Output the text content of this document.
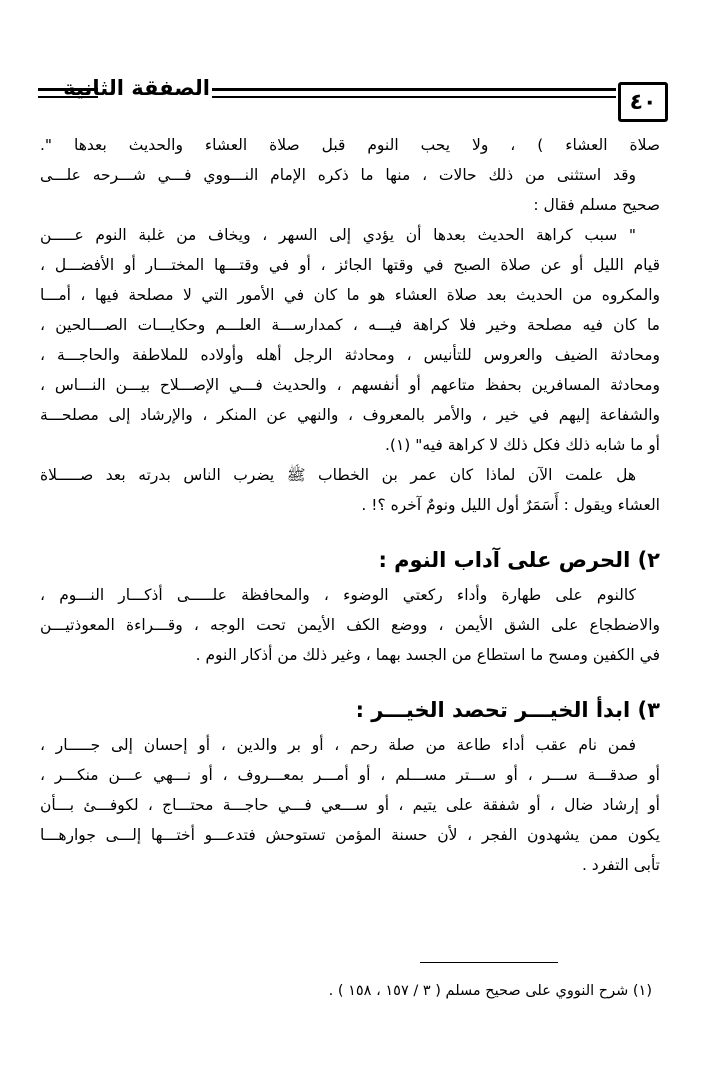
الصفقة الثانية
٤٠

صلاة العشاء ) ، ولا يحب النوم قبل صلاة العشاء والحديث بعدها ".

وقد استثنى من ذلك حالات ، منها ما ذكره الإمام النـــووي فـــي شـــرحه علـــى

صحيح مسلم فقال :

" سبب كراهة الحديث بعدها أن يؤدي إلى السهر ، ويخاف من غلبة النوم عـــــن

قيام الليل أو عن صلاة الصبح في وقتها الجائز ، أو في وقتـــها المختـــار أو الأفضـــل ،

والمكروه من الحديث بعد صلاة العشاء هو ما كان في الأمور التي لا مصلحة فيها ، أمـــا

ما كان فيه مصلحة وخير فلا كراهة فيـــه ، كمدارســـة العلـــم وحكايـــات الصـــالحين ،

ومحادثة الضيف والعروس للتأنيس ، ومحادثة الرجل أهله وأولاده للملاطفة والحاجـــة ،

ومحادثة المسافرين بحفظ متاعهم أو أنفسهم ، والحديث فـــي الإصـــلاح بيـــن النـــاس ،

والشفاعة إليهم في خير ، والأمر بالمعروف ، والنهي عن المنكر ، والإرشاد إلى مصلحـــة

أو ما شابه ذلك فكل ذلك لا كراهة فيه" (١).

هل علمت الآن لماذا كان عمر بن الخطاب ﷺ يضرب الناس بدرته بعد صـــــلاة

العشاء ويقول : أَسَمَرٌ أول الليل ونومٌ آخره ؟! .

٢) الحرص على آداب النوم :

كالنوم على طهارة وأداء ركعتي الوضوء ، والمحافظة علـــــى أذكـــار النـــوم ،

والاضطجاع على الشق الأيمن ، ووضع الكف الأيمن تحت الوجه ، وقـــراءة المعوذتيـــن

في الكفين ومسح ما استطاع من الجسد بهما ، وغير ذلك من أذكار النوم .

٣) ابدأ الخيـــر تحصد الخيـــر :

فمن نام عقب أداء طاعة من صلة رحم ، أو بر والدين ، أو إحسان إلى جـــــار ،

أو صدقـــة ســـر ، أو ســـتر مســـلم ، أو أمـــر بمعـــروف ، أو نـــهي عـــن منكـــر ،

أو إرشاد ضال ، أو شفقة على يتيم ، أو ســـعي فـــي حاجـــة محتـــاج ، لكوفـــئ بـــأن

يكون ممن يشهدون الفجر ، لأن حسنة المؤمن تستوحش فتدعـــو أختـــها إلـــى جوارهـــا

تأبى التفرد .

(١) شرح النووي على صحيح مسلم ( ٣ / ١٥٧ ، ١٥٨ ) .
